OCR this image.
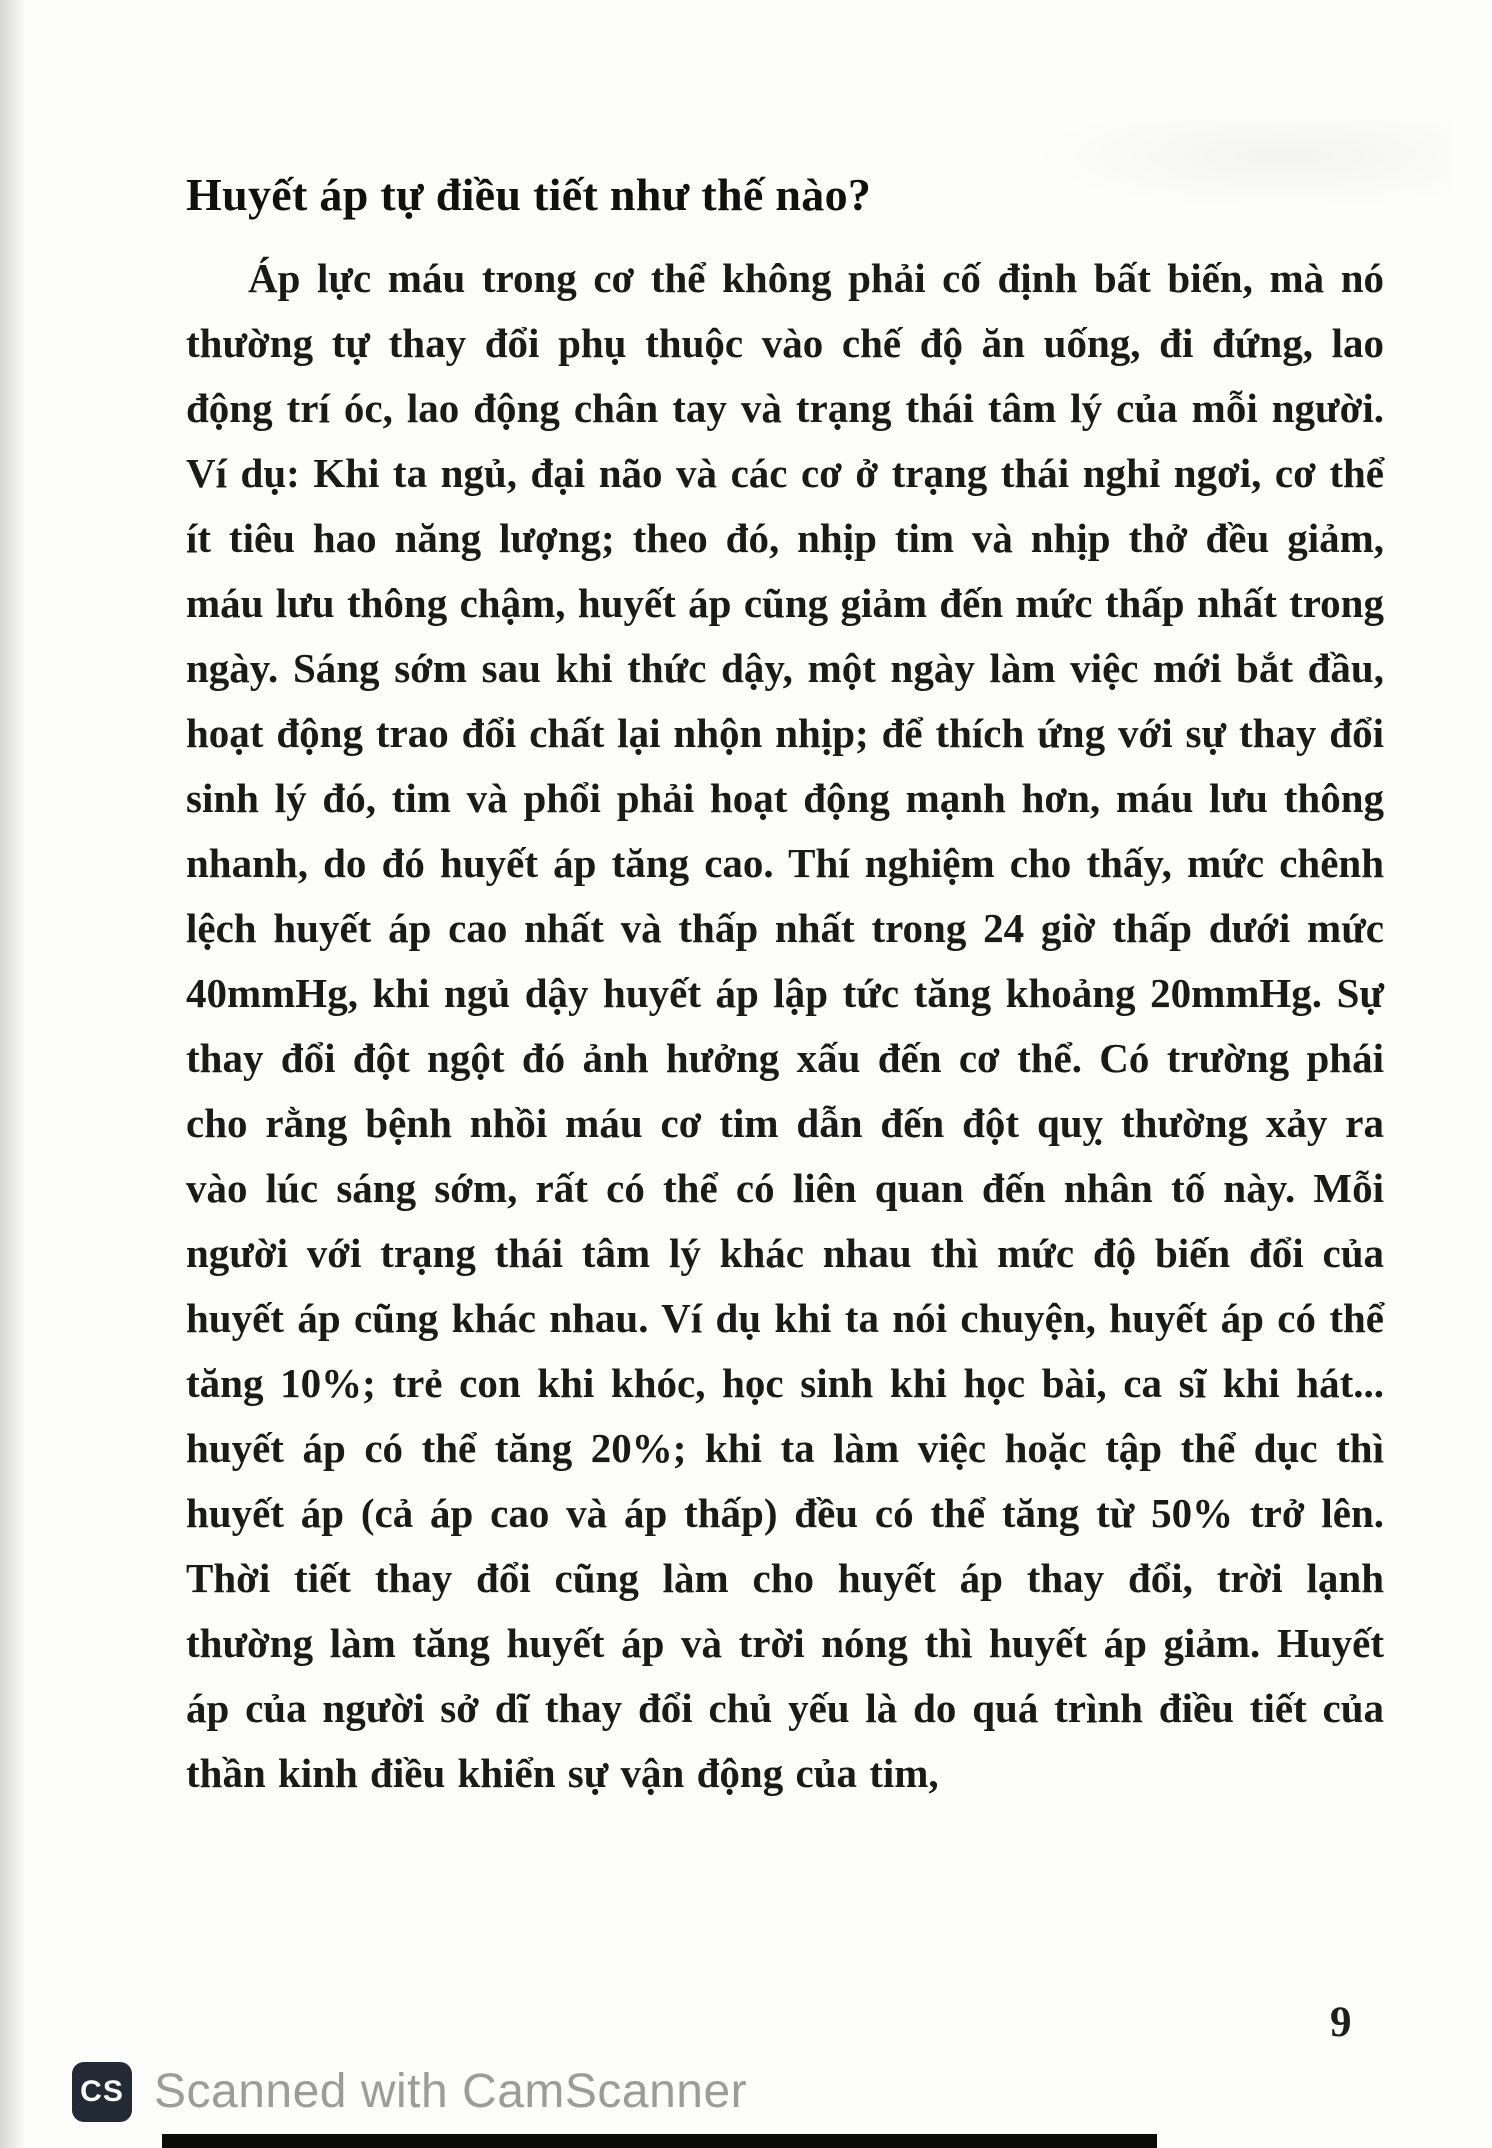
Huyết áp tự điều tiết như thế nào?

Áp lực máu trong cơ thể không phải cố định bất biến, mà nó thường tự thay đổi phụ thuộc vào chế độ ăn uống, đi đứng, lao động trí óc, lao động chân tay và trạng thái tâm lý của mỗi người. Ví dụ: Khi ta ngủ, đại não và các cơ ở trạng thái nghỉ ngơi, cơ thể ít tiêu hao năng lượng; theo đó, nhịp tim và nhịp thở đều giảm, máu lưu thông chậm, huyết áp cũng giảm đến mức thấp nhất trong ngày. Sáng sớm sau khi thức dậy, một ngày làm việc mới bắt đầu, hoạt động trao đổi chất lại nhộn nhịp; để thích ứng với sự thay đổi sinh lý đó, tim và phổi phải hoạt động mạnh hơn, máu lưu thông nhanh, do đó huyết áp tăng cao. Thí nghiệm cho thấy, mức chênh lệch huyết áp cao nhất và thấp nhất trong 24 giờ thấp dưới mức 40mmHg, khi ngủ dậy huyết áp lập tức tăng khoảng 20mmHg. Sự thay đổi đột ngột đó ảnh hưởng xấu đến cơ thể. Có trường phái cho rằng bệnh nhồi máu cơ tim dẫn đến đột quỵ thường xảy ra vào lúc sáng sớm, rất có thể có liên quan đến nhân tố này. Mỗi người với trạng thái tâm lý khác nhau thì mức độ biến đổi của huyết áp cũng khác nhau. Ví dụ khi ta nói chuyện, huyết áp có thể tăng 10%; trẻ con khi khóc, học sinh khi học bài, ca sĩ khi hát... huyết áp có thể tăng 20%; khi ta làm việc hoặc tập thể dục thì huyết áp (cả áp cao và áp thấp) đều có thể tăng từ 50% trở lên. Thời tiết thay đổi cũng làm cho huyết áp thay đổi, trời lạnh thường làm tăng huyết áp và trời nóng thì huyết áp giảm. Huyết áp của người sở dĩ thay đổi chủ yếu là do quá trình điều tiết của thần kinh điều khiển sự vận động của tim,

9
CS Scanned with CamScanner
